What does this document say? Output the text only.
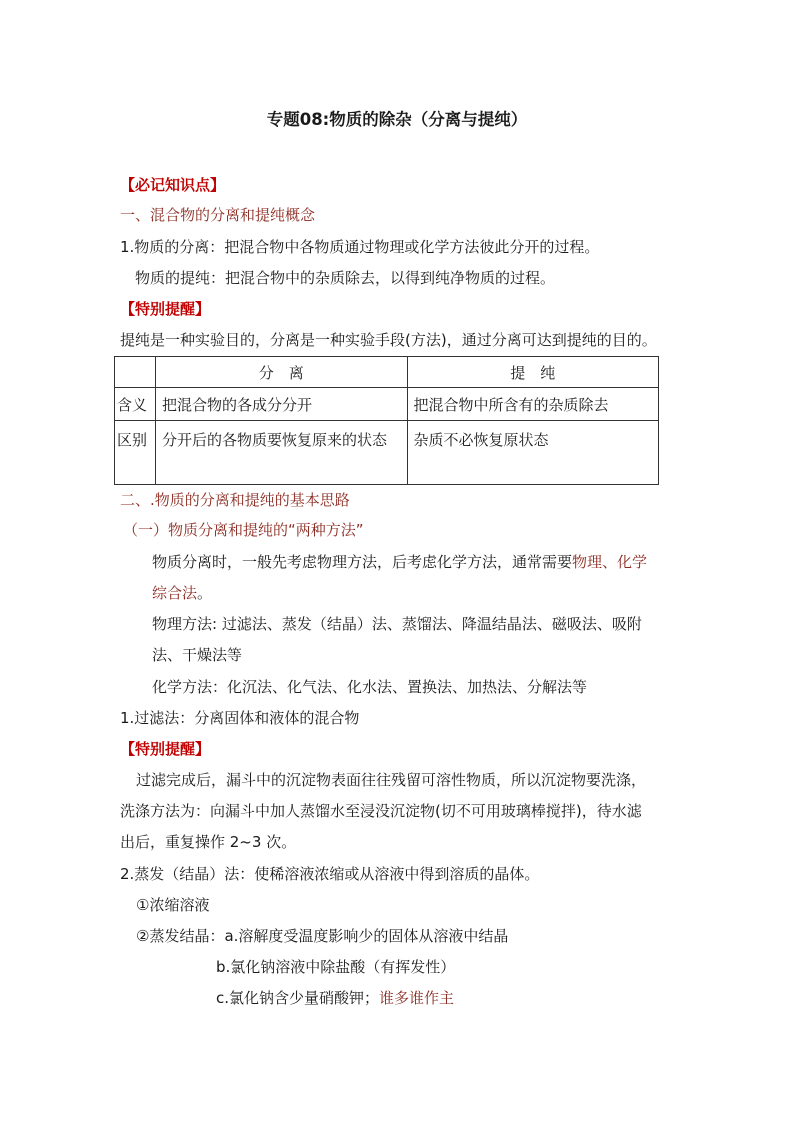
专题08:物质的除杂（分离与提纯）
【必记知识点】
一、混合物的分离和提纯概念
1.物质的分离：把混合物中各物质通过物理或化学方法彼此分开的过程。
物质的提纯：把混合物中的杂质除去，以得到纯净物质的过程。
【特别提醒】
提纯是一种实验目的，分离是一种实验手段(方法)，通过分离可达到提纯的目的。
	分　离	提　纯
含义	把混合物的各成分分开	把混合物中所含有的杂质除去
区别	分开后的各物质要恢复原来的状态	杂质不必恢复原状态
二、.物质的分离和提纯的基本思路
（一）物质分离和提纯的“两种方法”
物质分离时，一般先考虑物理方法，后考虑化学方法，通常需要物理、化学
综合法。
物理方法: 过滤法、蒸发（结晶）法、蒸馏法、降温结晶法、磁吸法、吸附
法、干燥法等
化学方法：化沉法、化气法、化水法、置换法、加热法、分解法等
1.过滤法：分离固体和液体的混合物
【特别提醒】
过滤完成后，漏斗中的沉淀物表面往往残留可溶性物质，所以沉淀物要洗涤，
洗涤方法为：向漏斗中加人蒸馏水至浸没沉淀物(切不可用玻璃棒搅拌)，待水滤
出后，重复操作 2~3 次。
2.蒸发（结晶）法：使稀溶液浓缩或从溶液中得到溶质的晶体。
①浓缩溶液
②蒸发结晶：a.溶解度受温度影响少的固体从溶液中结晶
b.氯化钠溶液中除盐酸（有挥发性）
c.氯化钠含少量硝酸钾；谁多谁作主
